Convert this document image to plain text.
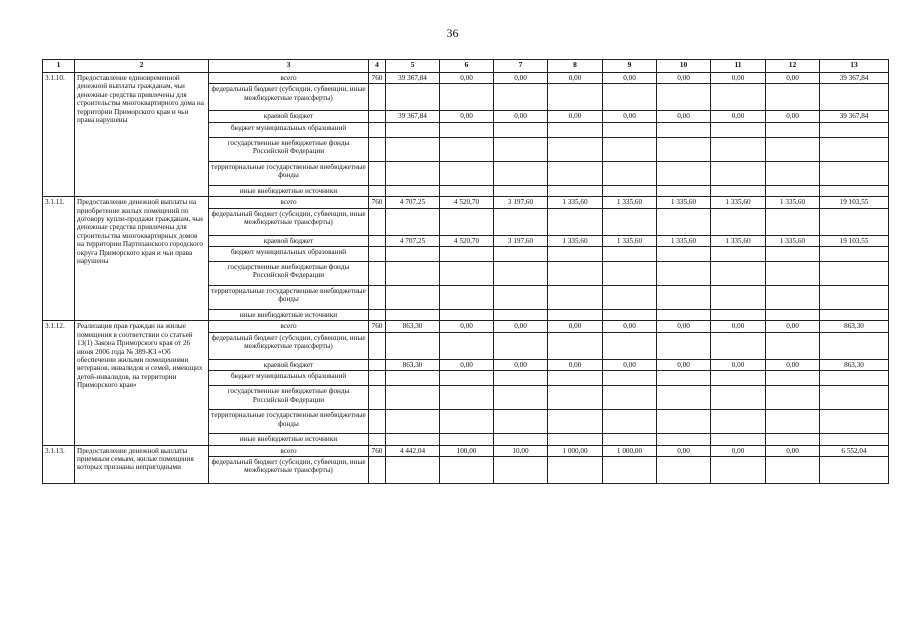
36
1	2	3	4	5	6	7	8	9	10	11	12	13
3.1.10.	Предоставление единовременной денежной выплаты гражданам, чьи денежные средства привлечены для строительства многоквартирного дома на территории Приморского края и чьи права нарушены	всего	760	39 367,84	0,00	0,00	0,00	0,00	0,00	0,00	0,00	39 367,84
		федеральный бюджет (субсидии, субвенции, иные межбюджетные трансферты)										
		краевой бюджет		39 367,84	0,00	0,00	0,00	0,00	0,00	0,00	0,00	39 367,84
		бюджет муниципальных образований										
		государственные внебюджетные фонды Российской Федерации										
		территориальные государственные внебюджетные фонды										
		иные внебюджетные источники										
3.1.11.	Предоставление денежной выплаты на приобретение жилых помещений по договору купли-продажи гражданам, чьи денежные средства привлечены для строительства многоквартирных домов на территории Партизанского городского округа Приморского края и чьи права нарушены	всего	760	4 707,25	4 520,70	3 197,60	1 335,60	1 335,60	1 335,60	1 335,60	1 335,60	19 103,55
		федеральный бюджет (субсидии, субвенции, иные межбюджетные трансферты)										
		краевой бюджет		4 707,25	4 520,70	3 197,60	1 335,60	1 335,60	1 335,60	1 335,60	1 335,60	19 103,55
		бюджет муниципальных образований										
		государственные внебюджетные фонды Российской Федерации										
		территориальные государственные внебюджетные фонды										
		иные внебюджетные источники										
3.1.12.	Реализация прав граждан на жилые помещения в соответствии со статьей 13(1) Закона Приморского края от 26 июня 2006 года № 389-КЗ «Об обеспечении жилыми помещениями ветеранов, инвалидов и семей, имеющих детей-инвалидов, на территории Приморского края»	всего	760	863,30	0,00	0,00	0,00	0,00	0,00	0,00	0,00	863,30
		федеральный бюджет (субсидии, субвенции, иные межбюджетные трансферты)										
		краевой бюджет		863,30	0,00	0,00	0,00	0,00	0,00	0,00	0,00	863,30
		бюджет муниципальных образований										
		государственные внебюджетные фонды Российской Федерации										
		территориальные государственные внебюджетные фонды										
		иные внебюджетные источники										
3.1.13.	Предоставление денежной выплаты приемным семьям, жилые помещения которых признаны непригодными	всего	760	4 442,04	100,00	10,00	1 000,00	1 000,00	0,00	0,00	0,00	6 552,04
		федеральный бюджет (субсидии, субвенции, иные межбюджетные трансферты)										
